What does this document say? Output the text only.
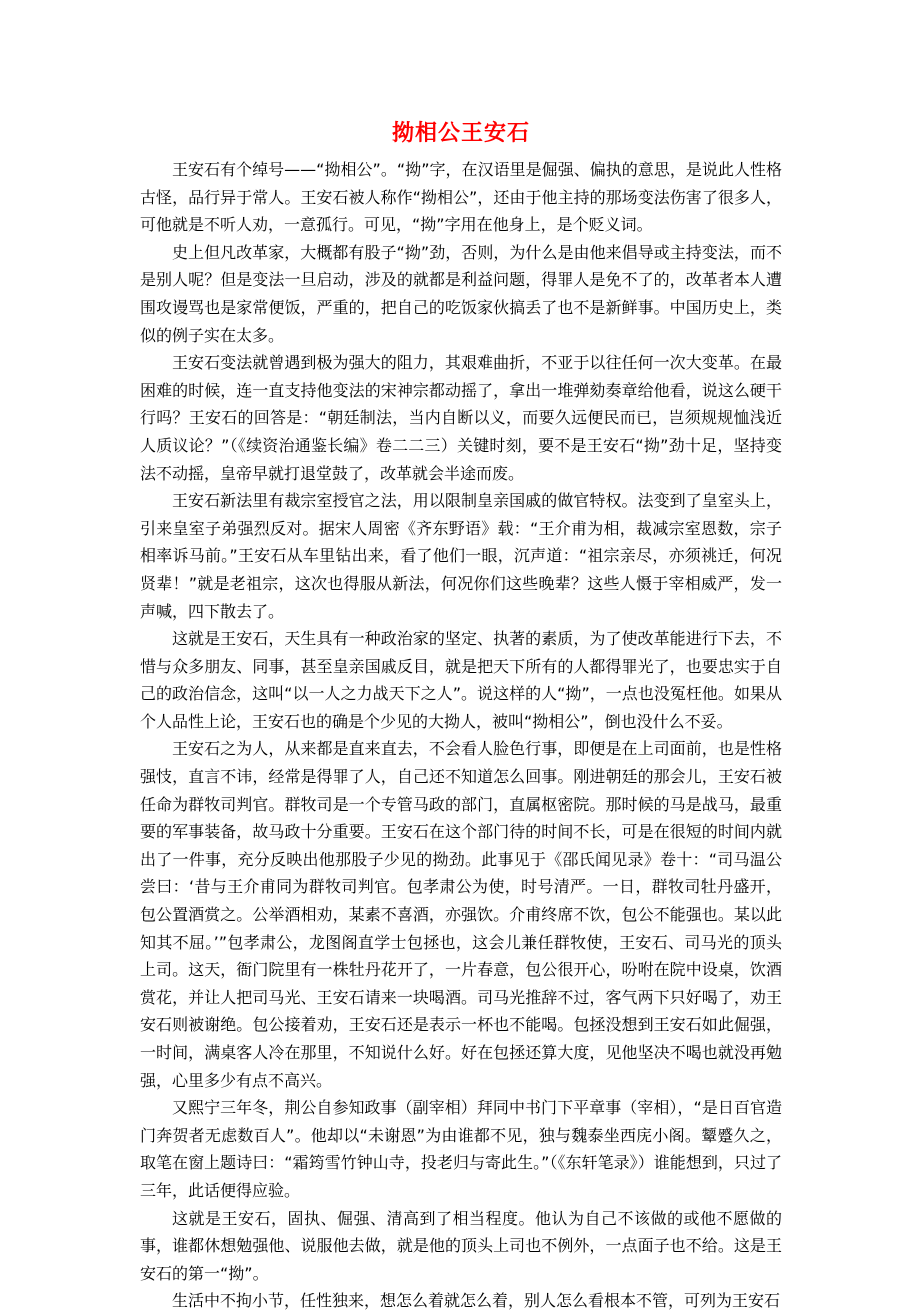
拗相公王安石

王安石有个绰号——“拗相公”。“拗”字，在汉语里是倔强、偏执的意思，是说此人性格古怪，品行异于常人。王安石被人称作“拗相公”，还由于他主持的那场变法伤害了很多人，可他就是不听人劝，一意孤行。可见，“拗”字用在他身上，是个贬义词。

史上但凡改革家，大概都有股子“拗”劲，否则，为什么是由他来倡导或主持变法，而不是别人呢？但是变法一旦启动，涉及的就都是利益问题，得罪人是免不了的，改革者本人遭围攻谩骂也是家常便饭，严重的，把自己的吃饭家伙搞丢了也不是新鲜事。中国历史上，类似的例子实在太多。

王安石变法就曾遇到极为强大的阻力，其艰难曲折，不亚于以往任何一次大变革。在最困难的时候，连一直支持他变法的宋神宗都动摇了，拿出一堆弹劾奏章给他看，说这么硬干行吗？王安石的回答是：“朝廷制法，当内自断以义，而要久远便民而已，岂须规规恤浅近人质议论？”（《续资治通鉴长编》卷二二三）关键时刻，要不是王安石“拗”劲十足，坚持变法不动摇，皇帝早就打退堂鼓了，改革就会半途而废。

王安石新法里有裁宗室授官之法，用以限制皇亲国戚的做官特权。法变到了皇室头上，引来皇室子弟强烈反对。据宋人周密《齐东野语》载：“王介甫为相，裁减宗室恩数，宗子相率诉马前。”王安石从车里钻出来，看了他们一眼，沉声道：“祖宗亲尽，亦须祧迁，何况贤辈！”就是老祖宗，这次也得服从新法，何况你们这些晚辈？这些人慑于宰相威严，发一声喊，四下散去了。

这就是王安石，天生具有一种政治家的坚定、执著的素质，为了使改革能进行下去，不惜与众多朋友、同事，甚至皇亲国戚反目，就是把天下所有的人都得罪光了，也要忠实于自己的政治信念，这叫“以一人之力战天下之人”。说这样的人“拗”，一点也没冤枉他。如果从个人品性上论，王安石也的确是个少见的大拗人，被叫“拗相公”，倒也没什么不妥。

王安石之为人，从来都是直来直去，不会看人脸色行事，即便是在上司面前，也是性格强忮，直言不讳，经常是得罪了人，自己还不知道怎么回事。刚进朝廷的那会儿，王安石被任命为群牧司判官。群牧司是一个专管马政的部门，直属枢密院。那时候的马是战马，最重要的军事装备，故马政十分重要。王安石在这个部门待的时间不长，可是在很短的时间内就出了一件事，充分反映出他那股子少见的拗劲。此事见于《邵氏闻见录》卷十：“司马温公尝曰：‘昔与王介甫同为群牧司判官。包孝肃公为使，时号清严。一日，群牧司牡丹盛开，包公置酒赏之。公举酒相劝，某素不喜酒，亦强饮。介甫终席不饮，包公不能强也。某以此知其不屈。’”包孝肃公，龙图阁直学士包拯也，这会儿兼任群牧使，王安石、司马光的顶头上司。这天，衙门院里有一株牡丹花开了，一片春意，包公很开心，吩咐在院中设桌，饮酒赏花，并让人把司马光、王安石请来一块喝酒。司马光推辞不过，客气两下只好喝了，劝王安石则被谢绝。包公接着劝，王安石还是表示一杯也不能喝。包拯没想到王安石如此倔强，一时间，满桌客人冷在那里，不知说什么好。好在包拯还算大度，见他坚决不喝也就没再勉强，心里多少有点不高兴。

又熙宁三年冬，荆公自参知政事（副宰相）拜同中书门下平章事（宰相），“是日百官造门奔贺者无虑数百人”。他却以“未谢恩”为由谁都不见，独与魏泰坐西庑小阁。颦蹙久之，取笔在窗上题诗曰：“霜筠雪竹钟山寺，投老归与寄此生。”（《东轩笔录》）谁能想到，只过了三年，此话便得应验。

这就是王安石，固执、倔强、清高到了相当程度。他认为自己不该做的或他不愿做的事，谁都休想勉强他、说服他去做，就是他的顶头上司也不例外，一点面子也不给。这是王安石的第一“拗”。

生活中不拘小节，任性独来，想怎么着就怎么着，别人怎么看根本不管，可列为王安石
